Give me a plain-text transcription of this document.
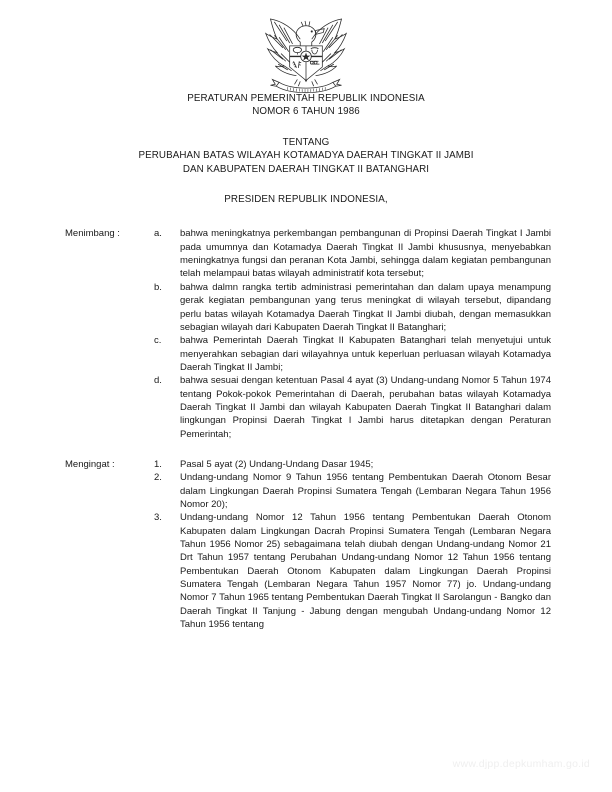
PERATURAN PEMERINTAH REPUBLIK INDONESIA
NOMOR 6 TAHUN 1986
TENTANG
PERUBAHAN BATAS WILAYAH KOTAMADYA DAERAH TINGKAT II JAMBI
DAN KABUPATEN DAERAH TINGKAT II BATANGHARI
PRESIDEN REPUBLIK INDONESIA,
Menimbang :	a.	bahwa meningkatnya perkembangan pembangunan di Propinsi Daerah Tingkat I Jambi pada umumnya dan Kotamadya Daerah Tingkat II Jambi khususnya, menyebabkan meningkatnya fungsi dan peranan Kota Jambi, sehingga dalam kegiatan pembangunan telah melampaui batas wilayah administratif kota tersebut;
b.	bahwa dalmn rangka tertib administrasi pemerintahan dan dalam upaya menampung gerak kegiatan pembangunan yang terus meningkat di wilayah tersebut, dipandang perlu batas wilayah Kotamadya Daerah Tingkat II Jambi diubah, dengan memasukkan sebagian wilayah dari Kabupaten Daerah Tingkat II Batanghari;
c.	bahwa Pemerintah Daerah Tingkat II Kabupaten Batanghari telah menyetujui untuk menyerahkan sebagian dari wilayahnya untuk keperluan perluasan wilayah Kotamadya Daerah Tingkat II Jambi;
d.	bahwa sesuai dengan ketentuan Pasal 4 ayat (3) Undang-undang Nomor 5 Tahun 1974 tentang Pokok-pokok Pemerintahan di Daerah, perubahan batas wilayah Kotamadya Daerah Tingkat II Jambi dan wilayah Kabupaten Daerah Tingkat II Batanghari dalam lingkungan Propinsi Daerah Tingkat I Jambi harus ditetapkan dengan Peraturan Pemerintah;
Mengingat :	1.	Pasal 5 ayat (2) Undang-Undang Dasar 1945;
2.	Undang-undang Nomor 9 Tahun 1956 tentang Pembentukan Daerah Otonom Besar dalam Lingkungan Daerah Propinsi Sumatera Tengah (Lembaran Negara Tahun 1956 Nomor 20);
3.	Undang-undang Nomor 12 Tahun 1956 tentang Pembentukan Daerah Otonom Kabupaten dalam Lingkungan Dacrah Propinsi Sumatera Tengah (Lembaran Negara Tahun 1956 Nomor 25) sebagaimana telah diubah dengan Undang-undang Nomor 21 Drt Tahun 1957 tentang Perubahan Undang-undang Nomor 12 Tahun 1956 tentang Pembentukan Daerah Otonom Kabupaten dalam Lingkungan Daerah Propinsi Sumatera Tengah (Lembaran Negara Tahun 1957 Nomor 77) jo. Undang-undang Nomor 7 Tahun 1965 tentang Pembentukan Daerah Tingkat II Sarolangun - Bangko dan Daerah Tingkat II Tanjung - Jabung dengan mengubah Undang-undang Nomor 12 Tahun 1956 tentang
www.djpp.depkumham.go.id
